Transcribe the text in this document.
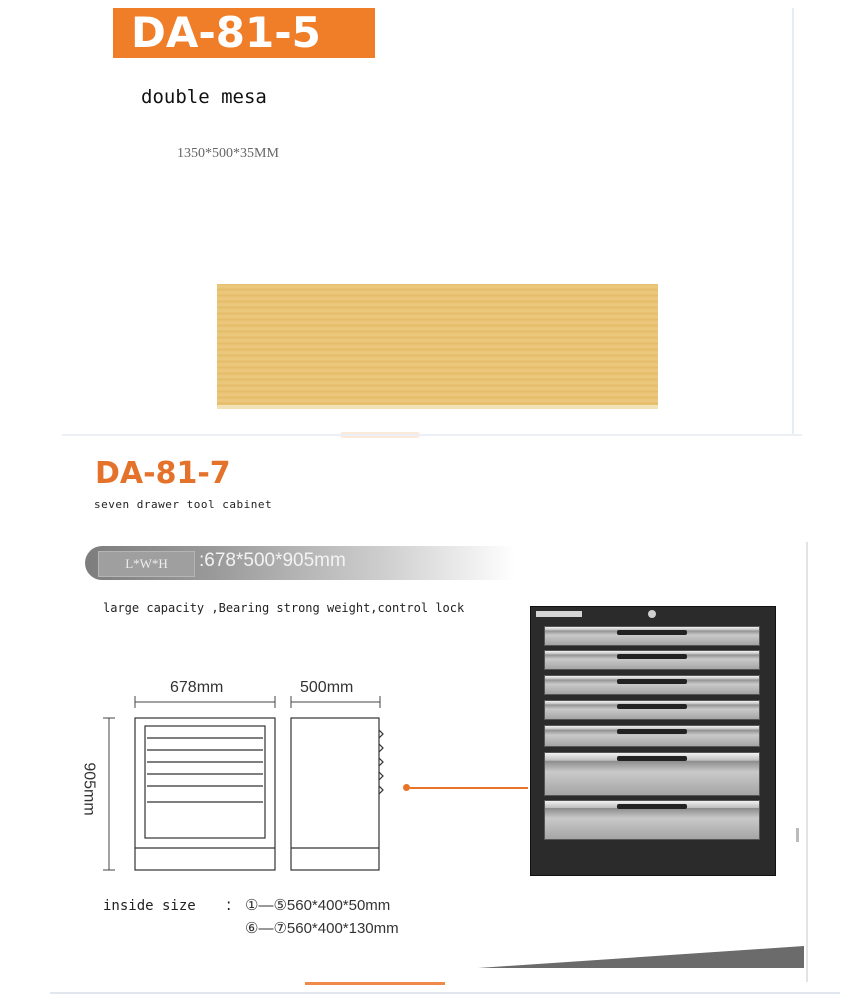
DA-81-5
double mesa
1350*500*35MM
DA-81-7
seven drawer tool cabinet
L*W*H	:678*500*905mm
large capacity ,Bearing strong weight,control lock
678mm	500mm
905mm
inside size : ①—⑤560*400*50mm
⑥—⑦560*400*130mm
